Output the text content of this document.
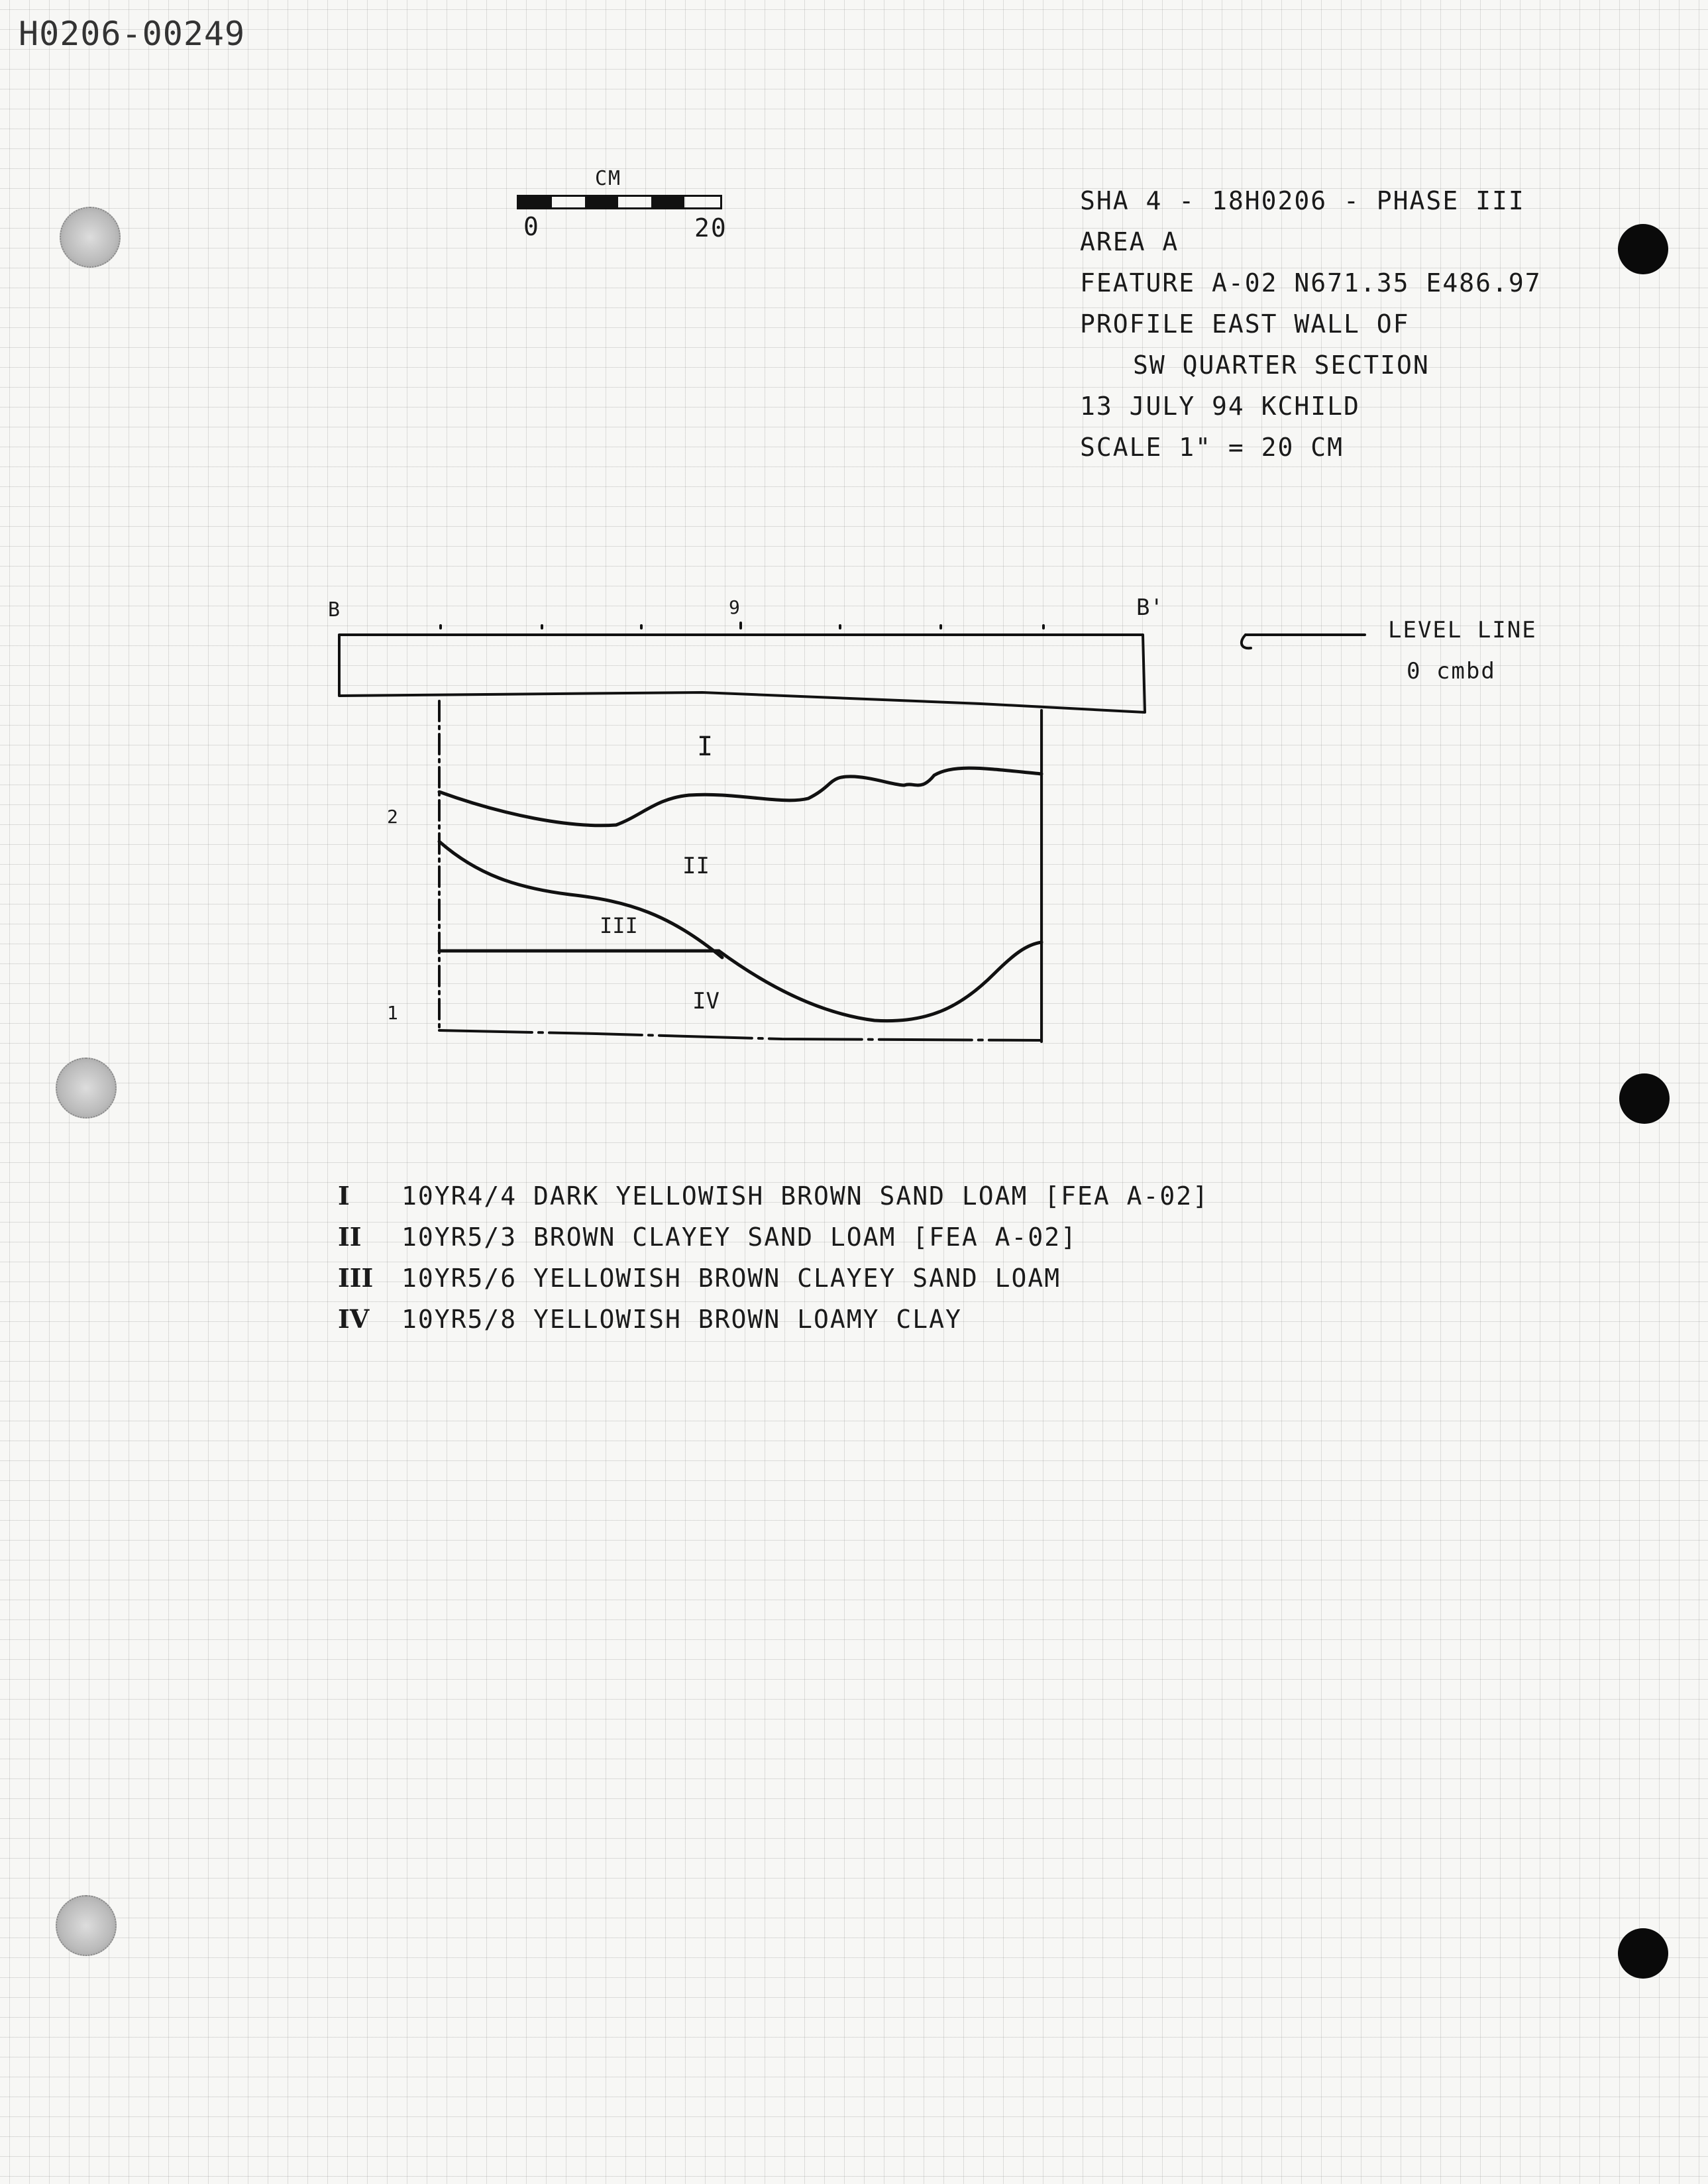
H0206-00249
CM
0	20
SHA 4 - 18H0206 - PHASE III
AREA A
FEATURE A-02 N671.35 E486.97
PROFILE EAST WALL OF
SW QUARTER SECTION
13 JULY 94 KCHILD
SCALE 1" = 20 CM
B	B'
9
2
1
I
II
III
IV
LEVEL LINE
0 cmbd
I	10YR4/4 DARK YELLOWISH BROWN SAND LOAM [FEA A-02]
II	10YR5/3 BROWN CLAYEY SAND LOAM [FEA A-02]
III	10YR5/6 YELLOWISH BROWN CLAYEY SAND LOAM
IV	10YR5/8 YELLOWISH BROWN LOAMY CLAY
